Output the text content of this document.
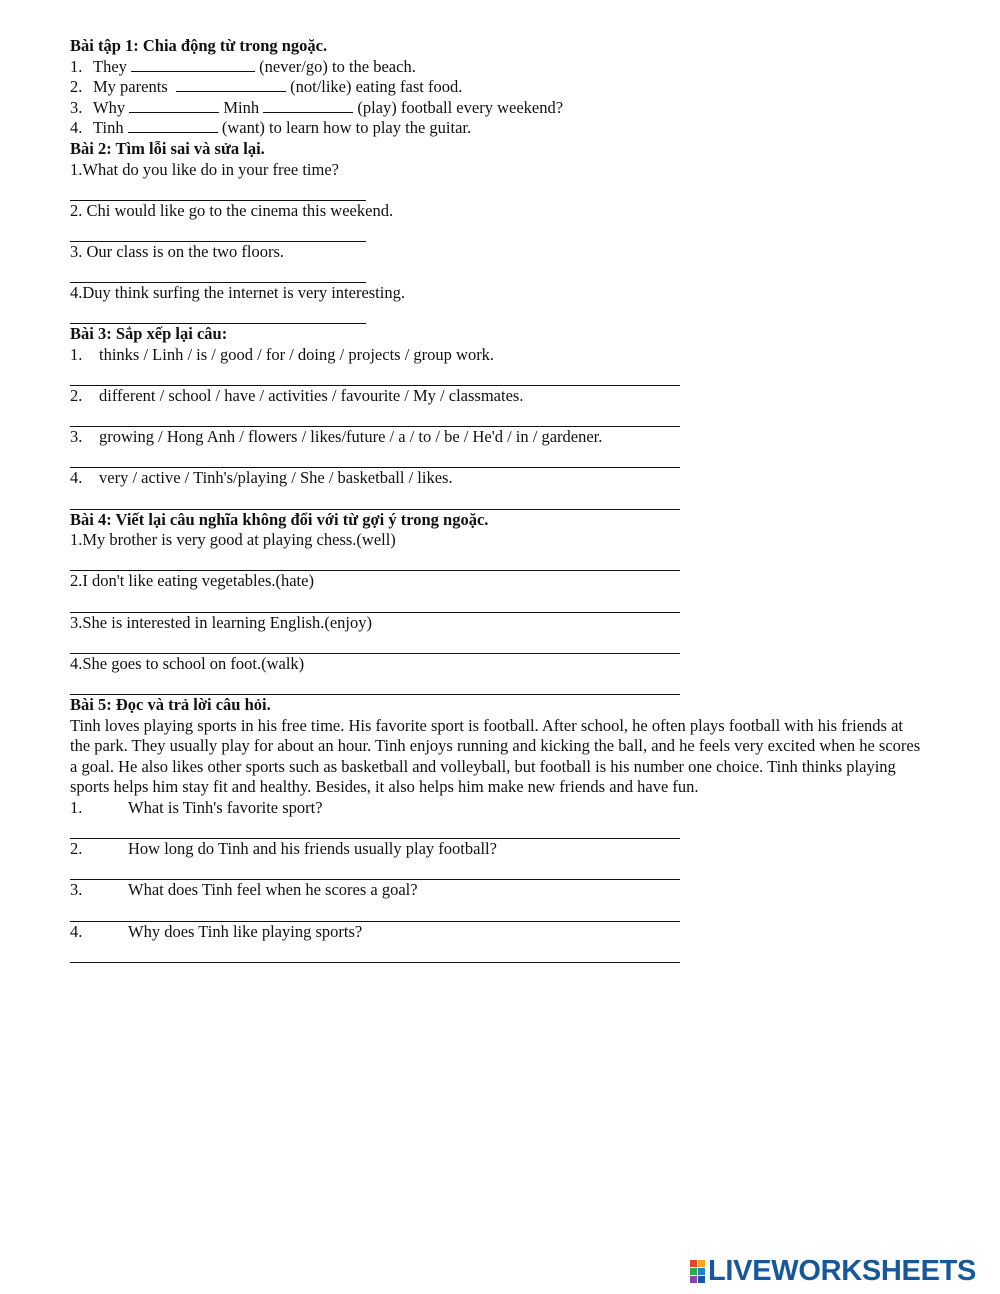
Bài tập 1: Chia động từ trong ngoặc.
1. They	(never/go) to the beach.
2. My parents	(not/like) eating fast food.
3. Why	Minh	(play) football every weekend?
4. Tinh	(want) to learn how to play the guitar.
Bài 2: Tìm lỗi sai và sửa lại.
1.What do you like do in your free time?
2. Chi would like go to the cinema this weekend.
3. Our class is on the two floors.
4.Duy think surfing the internet is very interesting.
Bài 3: Sắp xếp lại câu:
1. thinks / Linh / is / good / for / doing / projects / group work.
2. different / school / have / activities / favourite / My / classmates.
3. growing / Hong Anh / flowers / likes/future / a / to / be / He'd / in / gardener.
4. very / active / Tinh's/playing / She / basketball / likes.
Bài 4: Viết lại câu nghĩa không đổi với từ gợi ý trong ngoặc.
1.My brother is very good at playing chess.(well)
2.I don't like eating vegetables.(hate)
3.She is interested in learning English.(enjoy)
4.She goes to school on foot.(walk)
Bài 5: Đọc và trả lời câu hỏi.
Tinh loves playing sports in his free time. His favorite sport is football. After school, he often plays football with his friends at the park. They usually play for about an hour. Tinh enjoys running and kicking the ball, and he feels very excited when he scores a goal. He also likes other sports such as basketball and volleyball, but football is his number one choice. Tinh thinks playing sports helps him stay fit and healthy. Besides, it also helps him make new friends and have fun.
1.	What is Tinh's favorite sport?
2.	How long do Tinh and his friends usually play football?
3.	What does Tinh feel when he scores a goal?
4.	Why does Tinh like playing sports?
LIVEWORKSHEETS
